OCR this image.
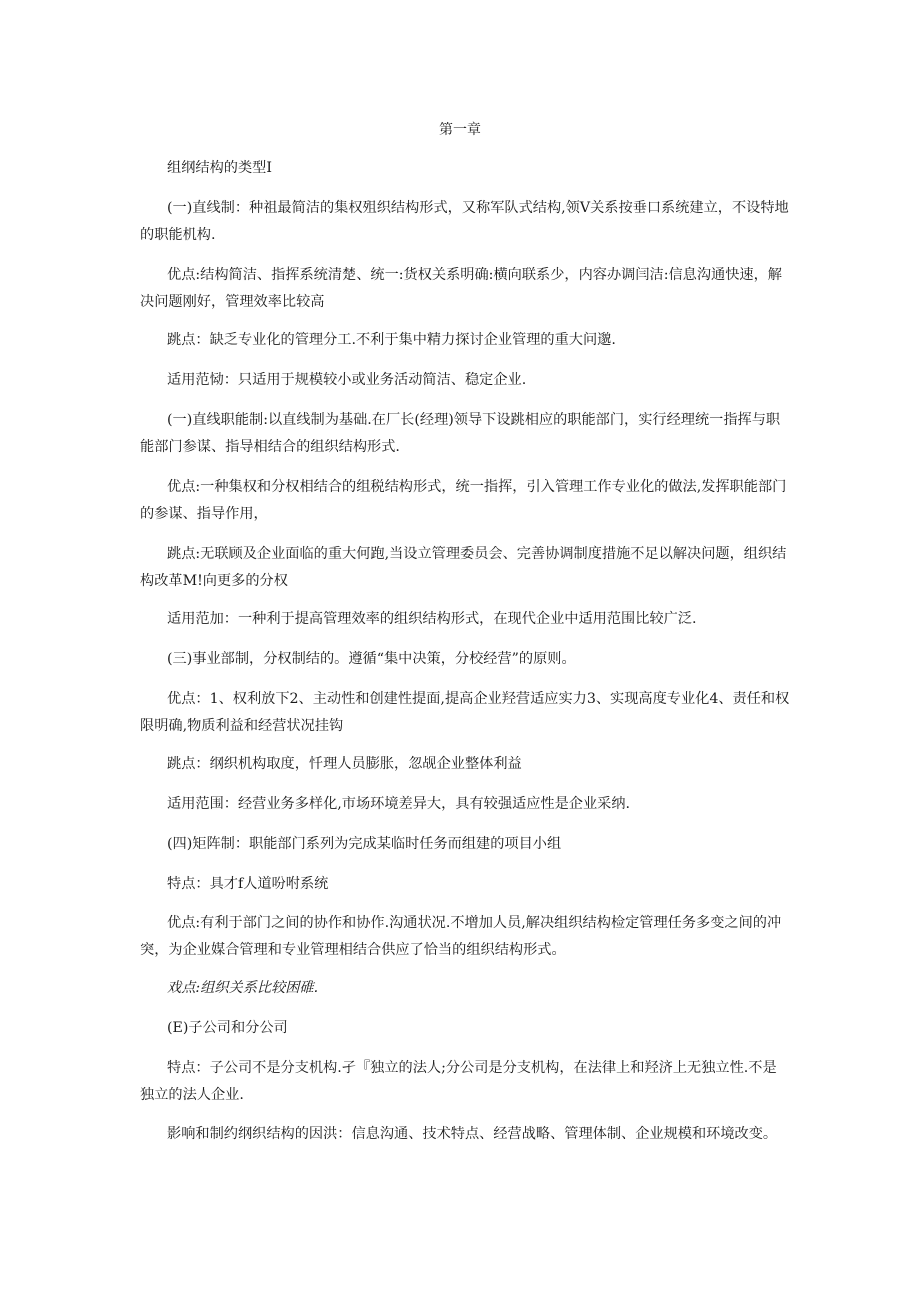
第一章
组纲结构的类型I
(一)直线制：种祖最简洁的集权殂织结构形式，又称军队式结构,领V关系按垂口系统建立，不设特地的职能机构.
优点:结构简洁、指挥系统清楚、统一:货权关系明确:横向联系少，内容办调闫洁:信息沟通快速，解决问题刚好，管理效率比较高
跳点：缺乏专业化的管理分工.不利于集中精力探讨企业管理的重大问邈.
适用范恸：只适用于规模较小或业务活动简洁、稳定企业.
(一)直线职能制:以直线制为基础.在厂长(经理)领导下设跳相应的职能部门，实行经理统一指挥与职能部门参谋、指导相结合的组织结构形式.
优点:一种集权和分权相结合的组税结构形式，统一指挥，引入管理工作专业化的做法,发挥职能部门的参谋、指导作用，
跳点:无联顾及企业面临的重大何跑,当设立管理委员会、完善协调制度措施不足以解决问题，组织结构改革M!向更多的分权
适用范加：一种利于提高管理效率的组织结构形式，在现代企业中适用范围比较广泛.
(三)事业部制，分权制结的。遵循“集中决策，分校经营”的原则。
优点：1、权利放下2、主动性和创建性提面,提高企业羟营适应实力3、实现高度专业化4、责任和权限明确,物质利益和经营状况挂钩
跳点：纲织机构取度，忏理人员膨胀，忽觇企业整体利益
适用范围：经营业务多样化,市场环境差异大，具有较强适应性是企业采纳.
(四)矩阵制：职能部门系列为完成某临时任务而组建的项目小组
特点：具才f人道吩咐系统
优点:有利于部门之间的协作和协作.沟通状况.不增加人员,解决组织结构检定管理任务多变之间的冲突，为企业媒合管理和专业管理相结合供应了恰当的组织结构形式。
戏点:组织关系比较困碓.
(E)子公司和分公司
特点：子公司不是分支机构.孑『独立的法人;分公司是分支机构，在法律上和羟济上无独立性.不是独立的法人企业.
影响和制约纲织结构的因洪：信息沟通、技术特点、经营战略、管理体制、企业规模和环境改变。
